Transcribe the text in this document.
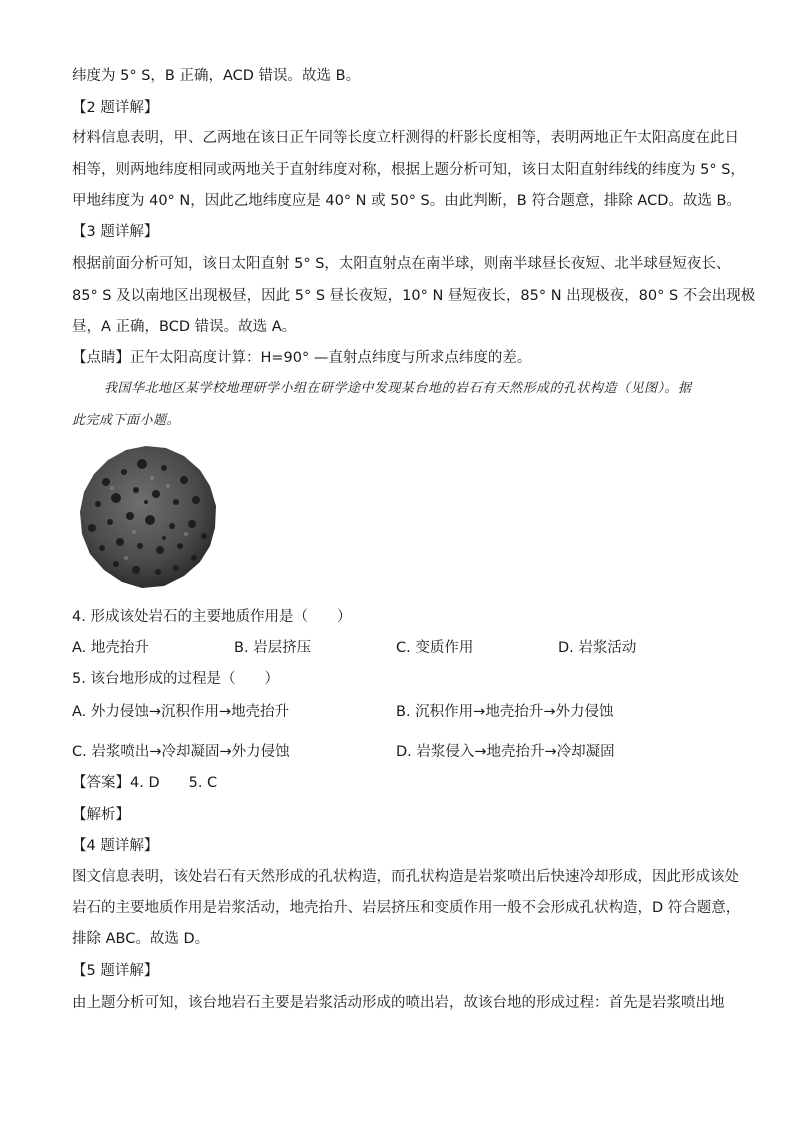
纬度为 5° S，B 正确，ACD 错误。故选 B。
【2 题详解】
材料信息表明，甲、乙两地在该日正午同等长度立杆测得的杆影长度相等，表明两地正午太阳高度在此日
相等，则两地纬度相同或两地关于直射纬度对称，根据上题分析可知，该日太阳直射纬线的纬度为 5° S，
甲地纬度为 40° N，因此乙地纬度应是 40° N 或 50° S。由此判断，B 符合题意，排除 ACD。故选 B。
【3 题详解】
根据前面分析可知，该日太阳直射 5° S，太阳直射点在南半球，则南半球昼长夜短、北半球昼短夜长、
85° S 及以南地区出现极昼，因此 5° S 昼长夜短，10° N 昼短夜长，85° N 出现极夜，80° S 不会出现极
昼，A 正确，BCD 错误。故选 A。
【点睛】正午太阳高度计算：H=90° —直射点纬度与所求点纬度的差。
我国华北地区某学校地理研学小组在研学途中发现某台地的岩石有天然形成的孔状构造（见图）。据
此完成下面小题。
4. 形成该处岩石的主要地质作用是（　　）
A. 地壳抬升	B. 岩层挤压	C. 变质作用	D. 岩浆活动
5. 该台地形成的过程是（　　）
A. 外力侵蚀→沉积作用→地壳抬升	B. 沉积作用→地壳抬升→外力侵蚀
C. 岩浆喷出→冷却凝固→外力侵蚀	D. 岩浆侵入→地壳抬升→冷却凝固
【答案】4. D　　5. C
【解析】
【4 题详解】
图文信息表明，该处岩石有天然形成的孔状构造，而孔状构造是岩浆喷出后快速冷却形成，因此形成该处
岩石的主要地质作用是岩浆活动，地壳抬升、岩层挤压和变质作用一般不会形成孔状构造，D 符合题意，
排除 ABC。故选 D。
【5 题详解】
由上题分析可知，该台地岩石主要是岩浆活动形成的喷出岩，故该台地的形成过程：首先是岩浆喷出地
